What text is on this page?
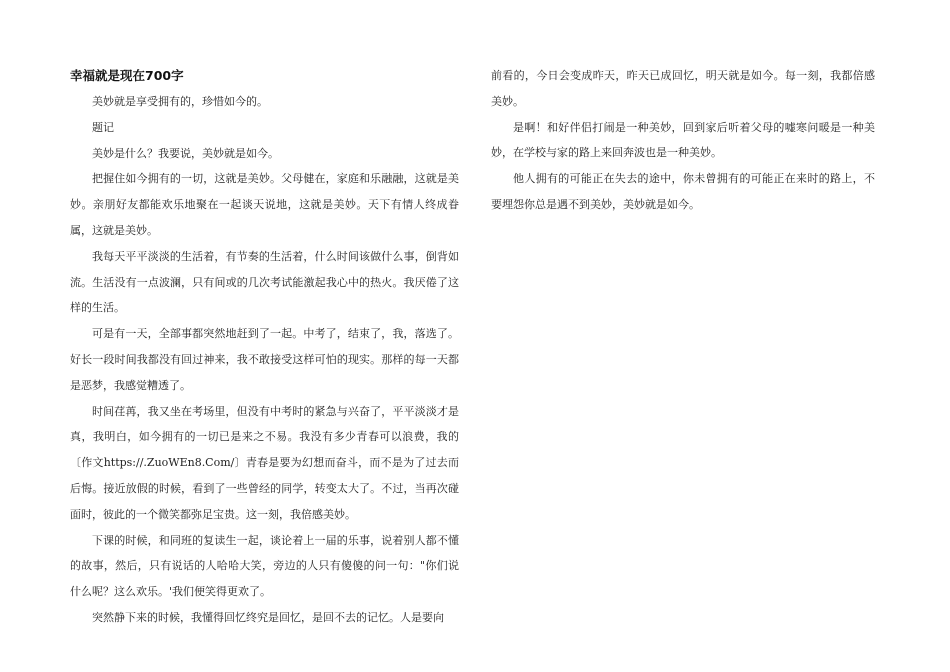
幸福就是现在700字

美妙就是享受拥有的，珍惜如今的。

题记

美妙是什么？我要说，美妙就是如今。

把握住如今拥有的一切，这就是美妙。父母健在，家庭和乐融融，这就是美妙。亲朋好友都能欢乐地聚在一起谈天说地，这就是美妙。天下有情人终成眷属，这就是美妙。

我每天平平淡淡的生活着，有节奏的生活着，什么时间该做什么事，倒背如流。生活没有一点波澜，只有间或的几次考试能激起我心中的热火。我厌倦了这样的生活。

可是有一天，全部事都突然地赶到了一起。中考了，结束了，我，落选了。好长一段时间我都没有回过神来，我不敢接受这样可怕的现实。那样的每一天都是恶梦，我感觉糟透了。

时间荏苒，我又坐在考场里，但没有中考时的紧急与兴奋了，平平淡淡才是真，我明白，如今拥有的一切已是来之不易。我没有多少青春可以浪费，我的〔作文https://.ZuoWEn8.Com/〕青春是要为幻想而奋斗，而不是为了过去而后悔。接近放假的时候，看到了一些曾经的同学，转变太大了。不过，当再次碰面时，彼此的一个微笑都弥足宝贵。这一刻，我倍感美妙。

下课的时候，和同班的复读生一起，谈论着上一届的乐事，说着别人都不懂的故事，然后，只有说话的人哈哈大笑，旁边的人只有傻傻的问一句："你们说什么呢？这么欢乐。'我们便笑得更欢了。

突然静下来的时候，我懂得回忆终究是回忆，是回不去的记忆。人是要向

前看的，今日会变成昨天，昨天已成回忆，明天就是如今。每一刻，我都倍感美妙。

是啊！和好伴侣打闹是一种美妙，回到家后听着父母的嘘寒问暖是一种美妙，在学校与家的路上来回奔波也是一种美妙。

他人拥有的可能正在失去的途中，你未曾拥有的可能正在来时的路上，不要埋怨你总是遇不到美妙，美妙就是如今。
